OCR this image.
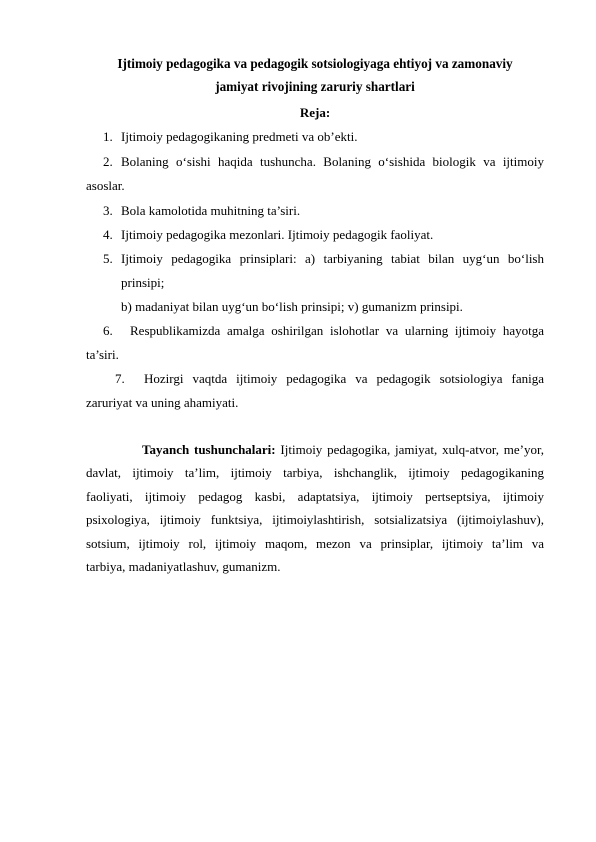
Ijtimoiy pedagogika va pedagogik sotsiologiyaga ehtiyoj va zamonaviy
jamiyat rivojining zaruriy shartlari
Reja:
1. Ijtimoiy pedagogikaning predmeti va ob’ekti.
2. Bolaning o‘sishi haqida tushuncha. Bolaning o‘sishida biologik va ijtimoiy
asoslar.
3. Bola kamolotida muhitning ta’siri.
4. Ijtimoiy pedagogika mezonlari. Ijtimoiy pedagogik faoliyat.
5. Ijtimoiy pedagogika prinsiplari: a) tarbiyaning tabiat bilan uyg‘un bo‘lish
prinsipi;
b) madaniyat bilan uyg‘un bo‘lish prinsipi; v) gumanizm prinsipi.
6. Respublikamizda amalga oshirilgan islohotlar va ularning ijtimoiy hayotga
ta’siri.
7. Hozirgi vaqtda ijtimoiy pedagogika va pedagogik sotsiologiya faniga
zaruriyat va uning ahamiyati.
Tayanch tushunchalari: Ijtimoiy pedagogika, jamiyat, xulq-atvor, me’yor,
davlat, ijtimoiy ta’lim, ijtimoiy tarbiya, ishchanglik, ijtimoiy pedagogikaning
faoliyati, ijtimoiy pedagog kasbi, adaptatsiya, ijtimoiy pertseptsiya, ijtimoiy
psixologiya, ijtimoiy funktsiya, ijtimoiylashtirish, sotsializatsiya (ijtimoiylashuv),
sotsium, ijtimoiy rol, ijtimoiy maqom, mezon va prinsiplar, ijtimoiy ta’lim va
tarbiya, madaniyatlashuv, gumanizm.
